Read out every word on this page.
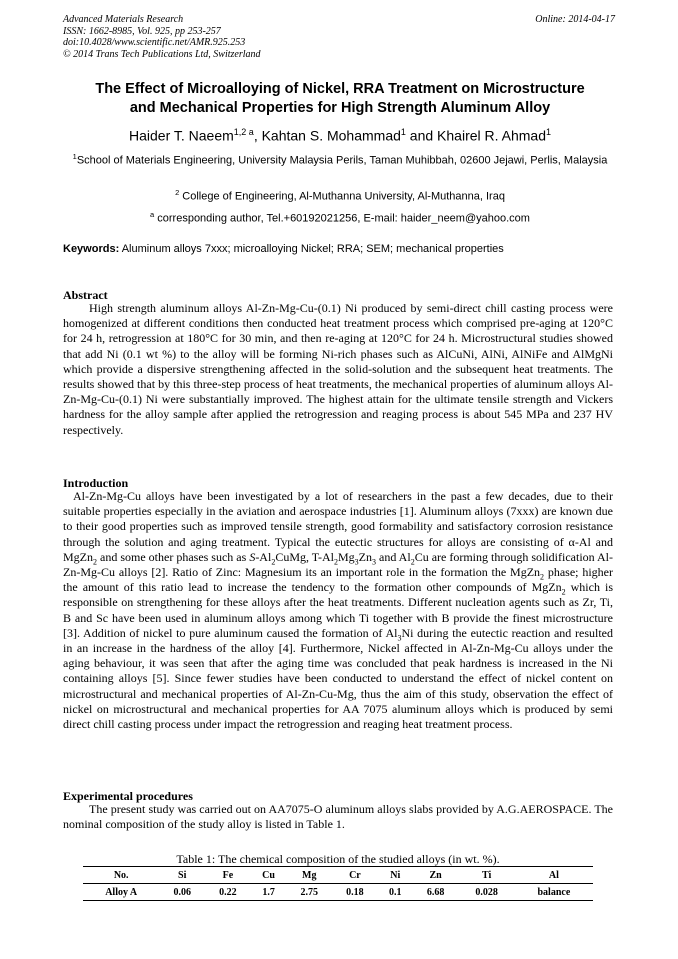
Advanced Materials Research
ISSN: 1662-8985, Vol. 925, pp 253-257
doi:10.4028/www.scientific.net/AMR.925.253
© 2014 Trans Tech Publications Ltd, Switzerland
Online: 2014-04-17
The Effect of Microalloying of Nickel, RRA Treatment on Microstructure
and Mechanical Properties for High Strength Aluminum Alloy
Haider T. Naeem$^{1,2 a}$, Kahtan S. Mohammad$^1$ and Khairel R. Ahmad$^1$
$^1$School of Materials Engineering, University Malaysia Perils, Taman Muhibbah, 02600 Jejawi, Perlis, Malaysia
$^2$ College of Engineering, Al-Muthanna University, Al-Muthanna, Iraq
$^a$ corresponding author, Tel.+60192021256, E-mail: haider_neem@yahoo.com
Keywords: Aluminum alloys 7xxx; microalloying Nickel; RRA; SEM; mechanical properties
Abstract

High strength aluminum alloys Al-Zn-Mg-Cu-(0.1) Ni produced by semi-direct chill casting process were homogenized at different conditions then conducted heat treatment process which comprised pre-aging at 120°C for 24 h, retrogression at 180°C for 30 min, and then re-aging at 120°C for 24 h. Microstructural studies showed that add Ni (0.1 wt %) to the alloy will be forming Ni-rich phases such as AlCuNi, AlNi, AlNiFe and AlMgNi which provide a dispersive strengthening affected in the solid-solution and the subsequent heat treatments. The results showed that by this three-step process of heat treatments, the mechanical properties of aluminum alloys Al-Zn-Mg-Cu-(0.1) Ni were substantially improved. The highest attain for the ultimate tensile strength and Vickers hardness for the alloy sample after applied the retrogression and reaging process is about 545 MPa and 237 HV respectively.

Introduction

Al-Zn-Mg-Cu alloys have been investigated by a lot of researchers in the past a few decades, due to their suitable properties especially in the aviation and aerospace industries [1]. Aluminum alloys (7xxx) are known due to their good properties such as improved tensile strength, good formability and satisfactory corrosion resistance through the solution and aging treatment. Typical the eutectic structures for alloys are consisting of α-Al and MgZn$_2$ and some other phases such as $S-Al_2CuMg$, $T-Al_2Mg_3Zn_3$ and $Al_2Cu$ are forming through solidification Al-Zn-Mg-Cu alloys [2]. Ratio of Zinc: Magnesium its an important role in the formation the MgZn$_2$ phase; higher the amount of this ratio lead to increase the tendency to the formation other compounds of MgZn$_2$ which is responsible on strengthening for these alloys after the heat treatments. Different nucleation agents such as Zr, Ti, B and Sc have been used in aluminum alloys among which Ti together with B provide the finest microstructure [3]. Addition of nickel to pure aluminum caused the formation of $Al_3Ni$ during the eutectic reaction and resulted in an increase in the hardness of the alloy [4]. Furthermore, Nickel affected in Al-Zn-Mg-Cu alloys under the aging behaviour, it was seen that after the aging time was concluded that peak hardness is increased in the Ni containing alloys [5]. Since fewer studies have been conducted to understand the effect of nickel content on microstructural and mechanical properties of Al-Zn-Cu-Mg, thus the aim of this study, observation the effect of nickel on microstructural and mechanical properties for AA 7075 aluminum alloys which is produced by semi direct chill casting process under impact the retrogression and reaging heat treatment process.

Experimental procedures

The present study was carried out on AA7075-O aluminum alloys slabs provided by A.G.AEROSPACE. The nominal composition of the study alloy is listed in Table 1.

Table 1: The chemical composition of the studied alloys (in wt. %).
No.	Si	Fe	Cu	Mg	Cr	Ni	Zn	Ti	Al
Alloy A	0.06	0.22	1.7	2.75	0.18	0.1	6.68	0.028	balance
